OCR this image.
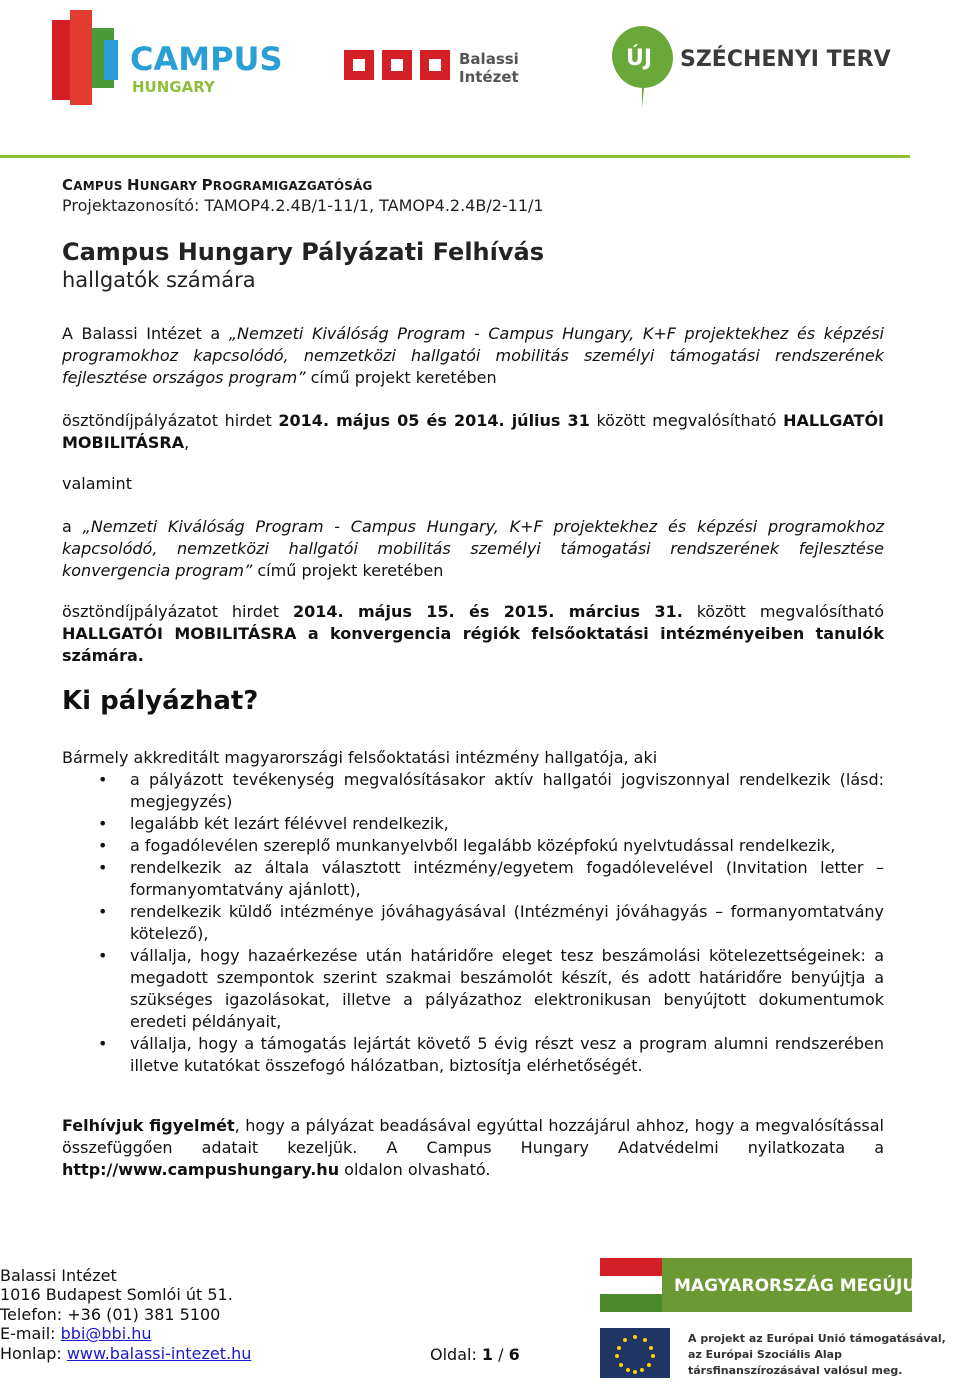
CAMPUS
HUNGARY
Balassi
Intézet
ÚJ SZÉCHENYI TERV
CAMPUS HUNGARY PROGRAMIGAZGATÓSÁG
Projektazonosító: TAMOP4.2.4B/1-11/1, TAMOP4.2.4B/2-11/1
Campus Hungary Pályázati Felhívás
hallgatók számára
A Balassi Intézet a „Nemzeti Kiválóság Program - Campus Hungary, K+F projektekhez és képzési programokhoz kapcsolódó, nemzetközi hallgatói mobilitás személyi támogatási rendszerének fejlesztése országos program” című projekt keretében
ösztöndíjpályázatot hirdet 2014. május 05 és 2014. július 31 között megvalósítható HALLGATÓI MOBILITÁSRA,
valamint
a „Nemzeti Kiválóság Program - Campus Hungary, K+F projektekhez és képzési programokhoz kapcsolódó, nemzetközi hallgatói mobilitás személyi támogatási rendszerének fejlesztése konvergencia program” című projekt keretében
ösztöndíjpályázatot hirdet 2014. május 15. és 2015. március 31. között megvalósítható HALLGATÓI MOBILITÁSRA a konvergencia régiók felsőoktatási intézményeiben tanulók számára.
Ki pályázhat?
Bármely akkreditált magyarországi felsőoktatási intézmény hallgatója, aki
• a pályázott tevékenység megvalósításakor aktív hallgatói jogviszonnyal rendelkezik (lásd: megjegyzés)
• legalább két lezárt félévvel rendelkezik,
• a fogadólevélen szereplő munkanyelvből legalább középfokú nyelvtudással rendelkezik,
• rendelkezik az általa választott intézmény/egyetem fogadólevelével (Invitation letter –formanyomtatvány ajánlott),
• rendelkezik küldő intézménye jóváhagyásával (Intézményi jóváhagyás – formanyomtatvány kötelező),
• vállalja, hogy hazaérkezése után határidőre eleget tesz beszámolási kötelezettségeinek: a megadott szempontok szerint szakmai beszámolót készít, és adott határidőre benyújtja a szükséges igazolásokat, illetve a pályázathoz elektronikusan benyújtott dokumentumok eredeti példányait,
• vállalja, hogy a támogatás lejártát követő 5 évig részt vesz a program alumni rendszerében illetve kutatókat összefogó hálózatban, biztosítja elérhetőségét.
Felhívjuk figyelmét, hogy a pályázat beadásával egyúttal hozzájárul ahhoz, hogy a megvalósítással összefüggően adatait kezeljük. A Campus Hungary Adatvédelmi nyilatkozata a http://www.campushungary.hu oldalon olvasható.
Balassi Intézet
1016 Budapest Somlói út 51.
Telefon: +36 (01) 381 5100
E-mail: bbi@bbi.hu
Honlap: www.balassi-intezet.hu	Oldal: 1 / 6
MAGYARORSZÁG MEGÚJUL
A projekt az Európai Unió támogatásával,
az Európai Szociális Alap
társfinanszírozásával valósul meg.
